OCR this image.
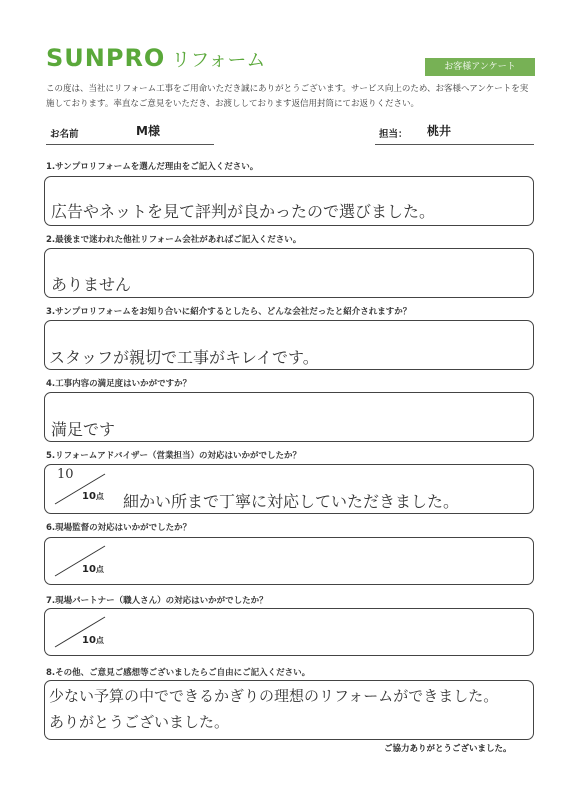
SUNPRO リフォーム	お客様アンケート
この度は、当社にリフォーム工事をご用命いただき誠にありがとうございます。サービス向上のため、お客様へアンケートを実施しております。率直なご意見をいただき、お渡ししております返信用封筒にてお返りください。
お名前	M様	担当： 桃井
1.サンプロリフォームを選んだ理由をご記入ください。
広告やネットを見て評判が良かったので選びました。
2.最後まで迷われた他社リフォーム会社があればご記入ください。
ありません
3.サンプロリフォームをお知り合いに紹介するとしたら、どんな会社だったと紹介されますか？
スタッフが親切で工事がキレイです。
4.工事内容の満足度はいかがですか？
満足です
5.リフォームアドバイザー（営業担当）の対応はいかがでしたか？
10
10点 細かい所まで丁寧に対応していただきました。
6.現場監督の対応はいかがでしたか？
10点
7.現場パートナー（職人さん）の対応はいかがでしたか？
10点
8.その他、ご意見ご感想等ございましたらご自由にご記入ください。
少ない予算の中でできるかぎりの理想のリフォームができました。
ありがとうございました。
ご協力ありがとうございました。
